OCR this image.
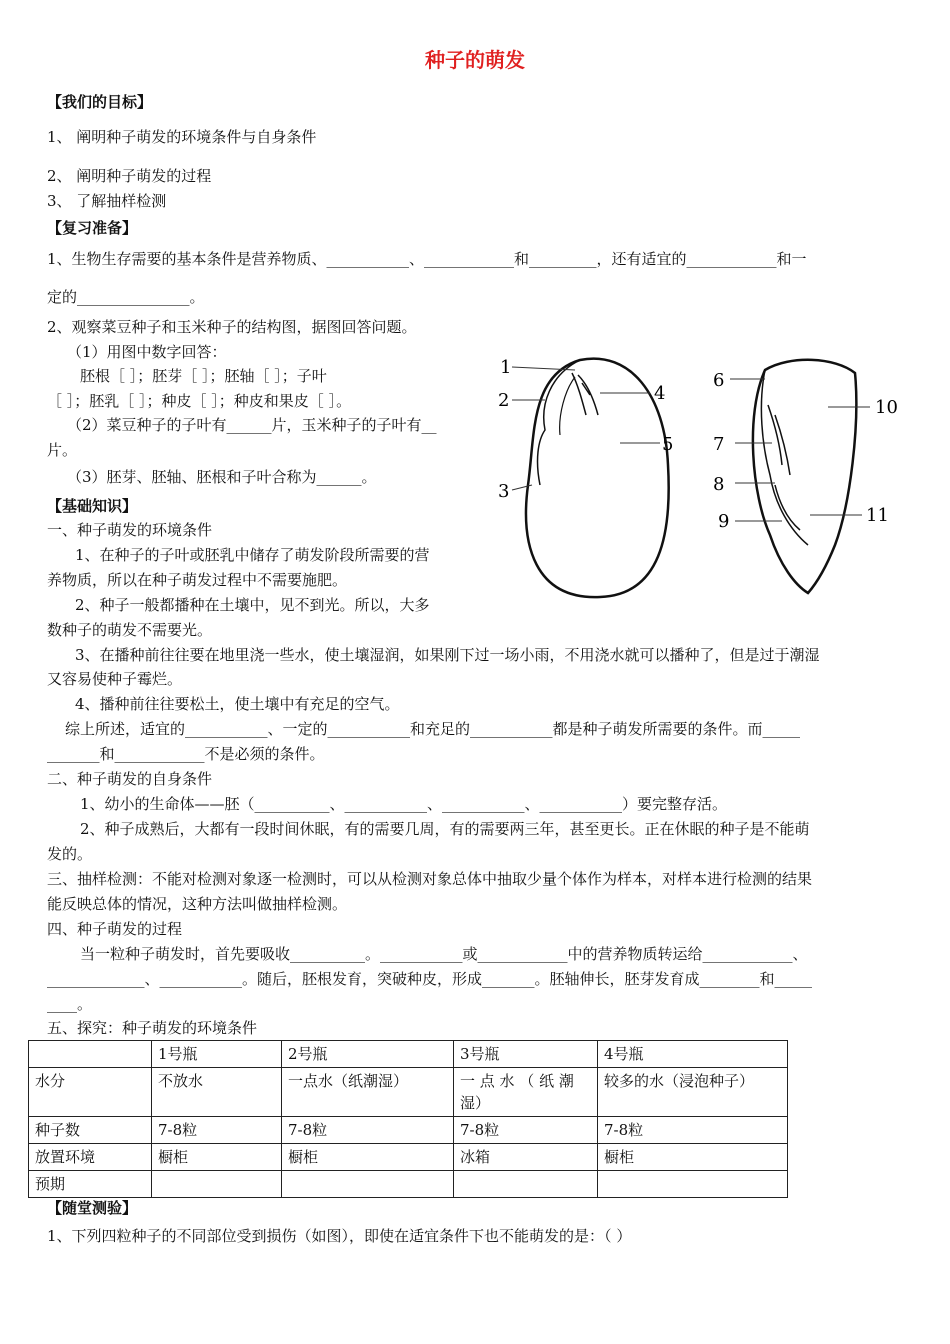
种子的萌发
【我们的目标】
1、 阐明种子萌发的环境条件与自身条件
2、 阐明种子萌发的过程
3、 了解抽样检测
【复习准备】
1、生物生存需要的基本条件是营养物质、___________、____________和_________，还有适宜的____________和一
定的_______________。
2、观察菜豆种子和玉米种子的结构图，据图回答问题。
（1）用图中数字回答：
胚根［ ］；胚芽［ ］；胚轴［ ］；子叶
［ ］；胚乳［ ］；种皮［ ］；种皮和果皮［ ］。
（2）菜豆种子的子叶有______片，玉米种子的子叶有__
片。
（3）胚芽、胚轴、胚根和子叶合称为______。
【基础知识】
一、种子萌发的环境条件
1、在种子的子叶或胚乳中储存了萌发阶段所需要的营
养物质，所以在种子萌发过程中不需要施肥。
2、种子一般都播种在土壤中，见不到光。所以，大多
数种子的萌发不需要光。
3、在播种前往往要在地里浇一些水，使土壤湿润，如果刚下过一场小雨，不用浇水就可以播种了，但是过于潮湿
又容易使种子霉烂。
4、播种前往往要松土，使土壤中有充足的空气。
综上所述，适宜的___________、一定的___________和充足的___________都是种子萌发所需要的条件。而_____
_______和____________不是必须的条件。
二、种子萌发的自身条件
1、幼小的生命体——胚（__________、___________、___________、___________）要完整存活。
2、种子成熟后，大都有一段时间休眠，有的需要几周，有的需要两三年，甚至更长。正在休眠的种子是不能萌
发的。
三、抽样检测：不能对检测对象逐一检测时，可以从检测对象总体中抽取少量个体作为样本，对样本进行检测的结果
能反映总体的情况，这种方法叫做抽样检测。
四、种子萌发的过程
当一粒种子萌发时，首先要吸收__________。___________或____________中的营养物质转运给____________、
_____________、___________。随后，胚根发育，突破种皮，形成_______。胚轴伸长，胚芽发育成________和_____
____。
五、探究：种子萌发的环境条件
	1号瓶	2号瓶	3号瓶	4号瓶
水分	不放水	一点水（纸潮湿）	一 点 水 （ 纸 潮 湿）	较多的水（浸泡种子）
种子数	7-8粒	7-8粒	7-8粒	7-8粒
放置环境	橱柜	橱柜	冰箱	橱柜
预期				
【随堂测验】
1、下列四粒种子的不同部位受到损伤（如图），即使在适宜条件下也不能萌发的是：（ ）
1
2
3
4
5
6
7
8
9
10
11
